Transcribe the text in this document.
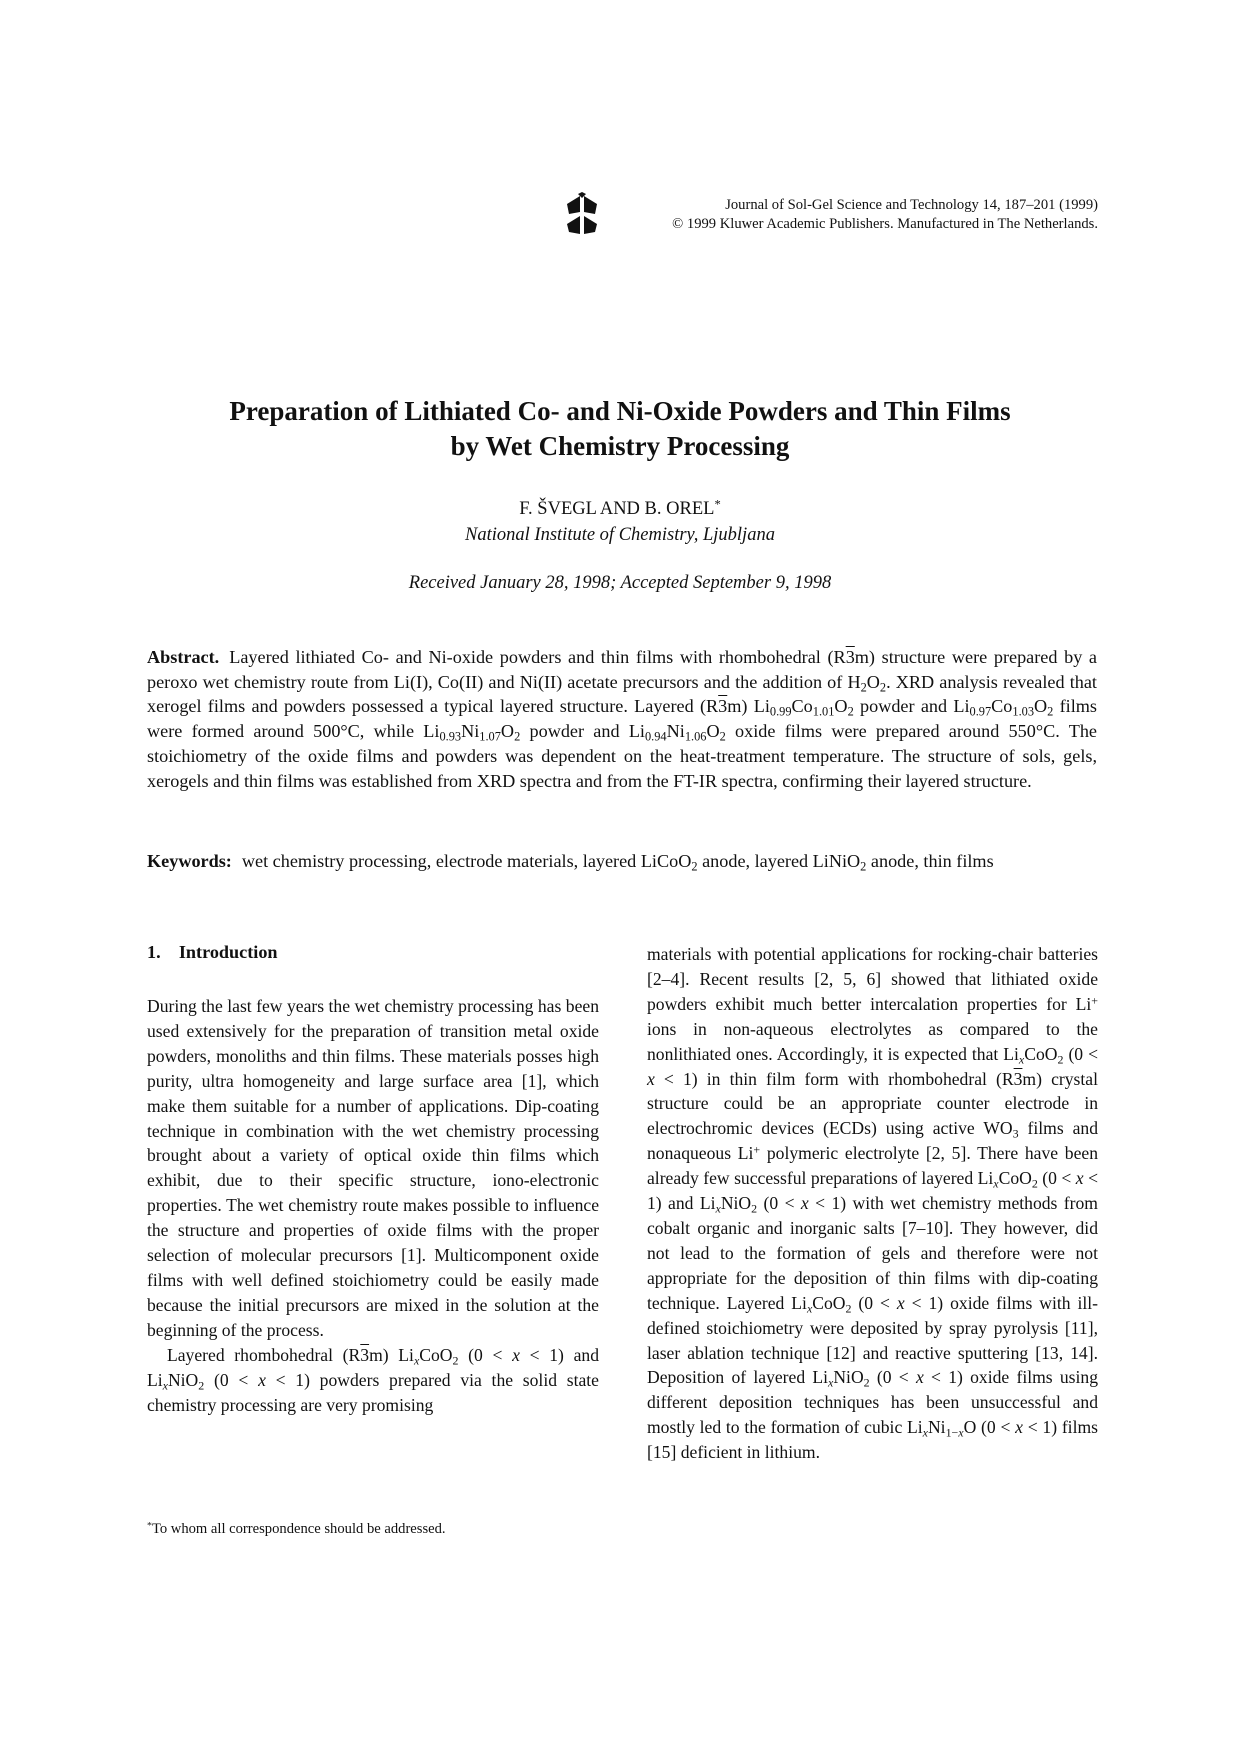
Journal of Sol-Gel Science and Technology 14, 187–201 (1999)
© 1999 Kluwer Academic Publishers. Manufactured in The Netherlands.
Preparation of Lithiated Co- and Ni-Oxide Powders and Thin Films
by Wet Chemistry Processing
F. ŠVEGL AND B. OREL*
National Institute of Chemistry, Ljubljana
Received January 28, 1998; Accepted September 9, 1998

Abstract. Layered lithiated Co- and Ni-oxide powders and thin films with rhombohedral (R3m) structure were prepared by a peroxo wet chemistry route from Li(I), Co(II) and Ni(II) acetate precursors and the addition of $H_2O_2$. XRD analysis revealed that xerogel films and powders possessed a typical layered structure. Layered (R3m) $Li_{0.99}Co_{1.01}O_2$ powder and $Li_{0.97}Co_{1.03}O_2$ films were formed around 500°C, while $Li_{0.93}Ni_{1.07}O_2$ powder and $Li_{0.94}Ni_{1.06}O_2$ oxide films were prepared around 550°C. The stoichiometry of the oxide films and powders was dependent on the heat-treatment temperature. The structure of sols, gels, xerogels and thin films was established from XRD spectra and from the FT-IR spectra, confirming their layered structure.

Keywords: wet chemistry processing, electrode materials, layered LiCoO$_2$ anode, layered LiNiO$_2$ anode, thin films

1.    Introduction

During the last few years the wet chemistry processing has been used extensively for the preparation of transition metal oxide powders, monoliths and thin films. These materials posses high purity, ultra homogeneity and large surface area [1], which make them suitable for a number of applications. Dip-coating technique in combination with the wet chemistry processing brought about a variety of optical oxide thin films which exhibit, due to their specific structure, iono-electronic properties. The wet chemistry route makes possible to influence the structure and properties of oxide films with the proper selection of molecular precursors [1]. Multicomponent oxide films with well defined stoichiometry could be easily made because the initial precursors are mixed in the solution at the beginning of the process.

Layered rhombohedral (R3m) $Li_xCoO_2$ (0 < x < 1) and $Li_xNiO_2$ (0 < x < 1) powders prepared via the solid state chemistry processing are very promising

*To whom all correspondence should be addressed.

materials with potential applications for rocking-chair batteries [2–4]. Recent results [2, 5, 6] showed that lithiated oxide powders exhibit much better intercalation properties for Li+ ions in non-aqueous electrolytes as compared to the nonlithiated ones. Accordingly, it is expected that $Li_xCoO_2$ (0 < x < 1) in thin film form with rhombohedral (R3m) crystal structure could be an appropriate counter electrode in electrochromic devices (ECDs) using active $WO_3$ films and nonaqueous Li+ polymeric electrolyte [2, 5]. There have been already few successful preparations of layered $Li_xCoO_2$ (0 < x < 1) and $Li_xNiO_2$ (0 < x < 1) with wet chemistry methods from cobalt organic and inorganic salts [7–10]. They however, did not lead to the formation of gels and therefore were not appropriate for the deposition of thin films with dip-coating technique. Layered $Li_xCoO_2$ (0 < x < 1) oxide films with ill-defined stoichiometry were deposited by spray pyrolysis [11], laser ablation technique [12] and reactive sputtering [13, 14]. Deposition of layered $Li_xNiO_2$ (0 < x < 1) oxide films using different deposition techniques has been unsuccessful and mostly led to the formation of cubic $Li_xNi_{1-x}O$ (0 < x < 1) films [15] deficient in lithium.
